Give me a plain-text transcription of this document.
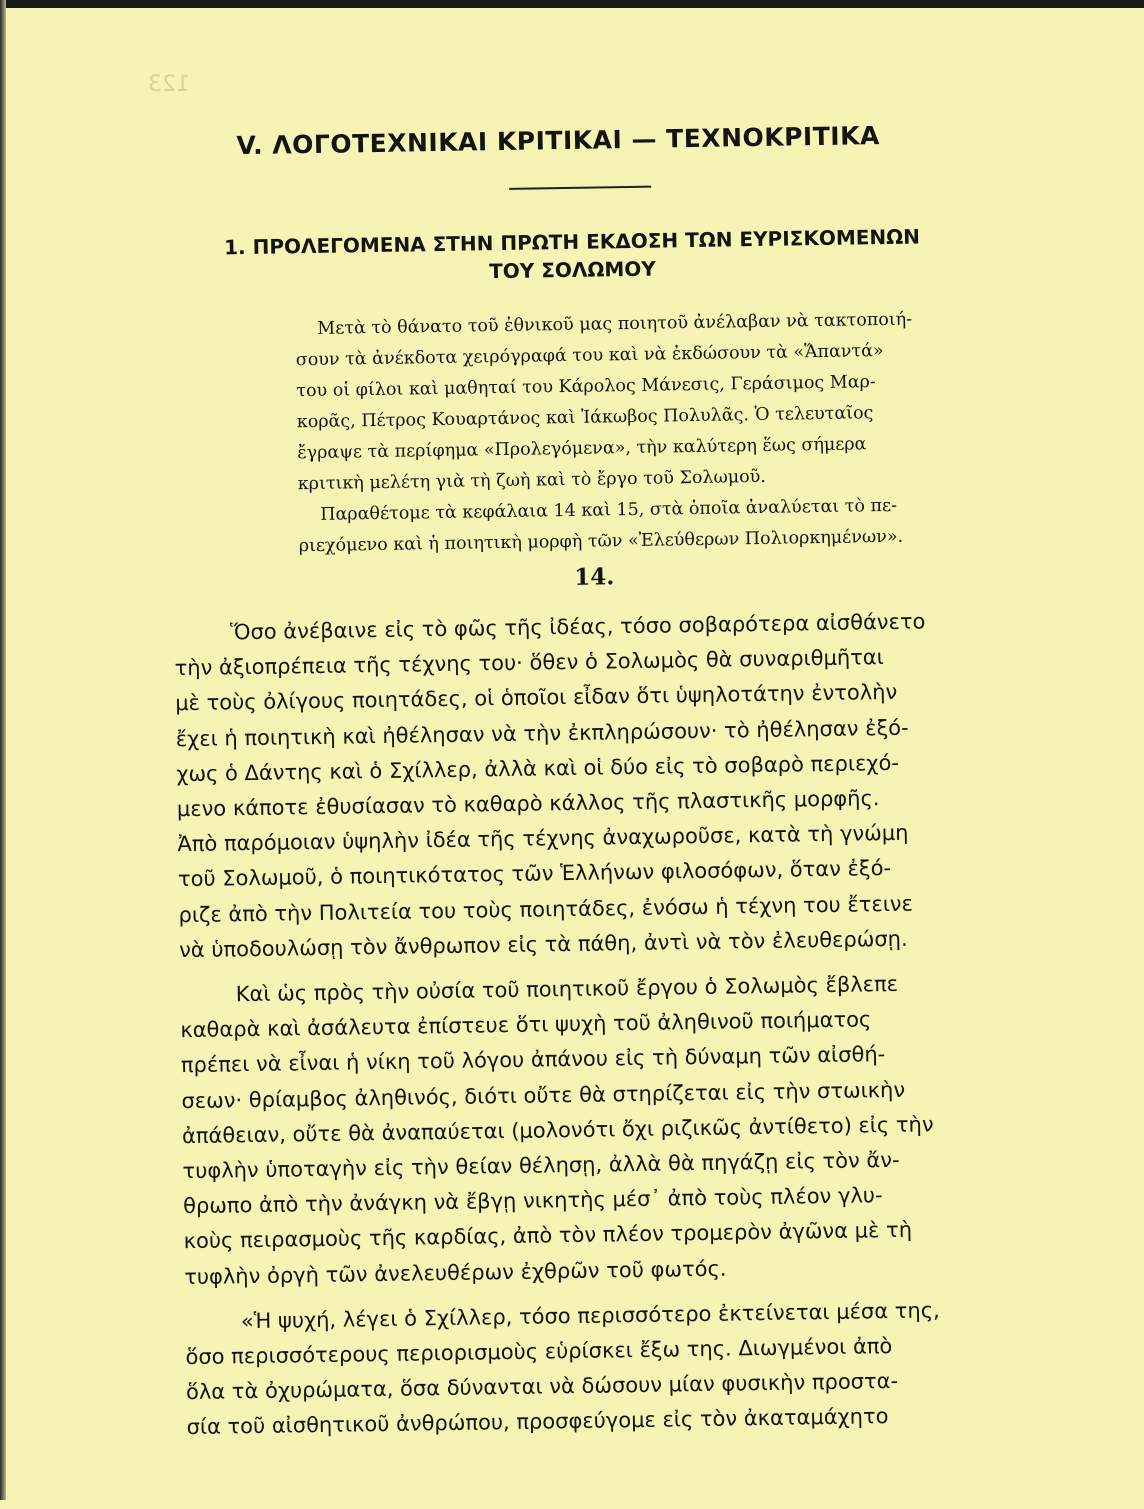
123
V. ΛΟΓΟΤΕΧΝΙΚΑΙ ΚΡΙΤΙΚΑΙ — ΤΕΧΝΟΚΡΙΤΙΚΑ
1. ΠΡΟΛΕΓΟΜΕΝΑ ΣΤΗΝ ΠΡΩΤΗ ΕΚΔΟΣΗ ΤΩΝ ΕΥΡΙΣΚΟΜΕΝΩΝ
ΤΟΥ ΣΟΛΩΜΟΥ
Μετὰ τὸ θάνατο τοῦ ἐθνικοῦ μας ποιητοῦ ἀνέλαβαν νὰ τακτοποιή-
σουν τὰ ἀνέκδοτα χειρόγραφά του καὶ νὰ ἐκδώσουν τὰ «Ἅπαντά»
του οἱ φίλοι καὶ μαθηταί του Κάρολος Μάνεσις, Γεράσιμος Μαρ-
κορᾶς, Πέτρος Κουαρτάνος καὶ Ἰάκωβος Πολυλᾶς. Ὁ τελευταῖος
ἔγραψε τὰ περίφημα «Προλεγόμενα», τὴν καλύτερη ἕως σήμερα
κριτικὴ μελέτη γιὰ τὴ ζωὴ καὶ τὸ ἔργο τοῦ Σολωμοῦ.
Παραθέτομε τὰ κεφάλαια 14 καὶ 15, στὰ ὁποῖα ἀναλύεται τὸ πε-
ριεχόμενο καὶ ἡ ποιητικὴ μορφὴ τῶν «Ἐλεύθερων Πολιορκημένων».
14.
Ὅσο ἀνέβαινε εἰς τὸ φῶς τῆς ἰδέας, τόσο σοβαρότερα αἰσθάνετο
τὴν ἀξιοπρέπεια τῆς τέχνης του· ὅθεν ὁ Σολωμὸς θὰ συναριθμῆται
μὲ τοὺς ὀλίγους ποιητάδες, οἱ ὁποῖοι εἶδαν ὅτι ὑψηλοτάτην ἐντολὴν
ἔχει ἡ ποιητικὴ καὶ ἠθέλησαν νὰ τὴν ἐκπληρώσουν· τὸ ἠθέλησαν ἐξό-
χως ὁ Δάντης καὶ ὁ Σχίλλερ, ἀλλὰ καὶ οἱ δύο εἰς τὸ σοβαρὸ περιεχό-
μενο κάποτε ἐθυσίασαν τὸ καθαρὸ κάλλος τῆς πλαστικῆς μορφῆς.
Ἀπὸ παρόμοιαν ὑψηλὴν ἰδέα τῆς τέχνης ἀναχωροῦσε, κατὰ τὴ γνώμη
τοῦ Σολωμοῦ, ὁ ποιητικότατος τῶν Ἑλλήνων φιλοσόφων, ὅταν ἐξό-
ριζε ἀπὸ τὴν Πολιτεία του τοὺς ποιητάδες, ἐνόσω ἡ τέχνη του ἔτεινε
νὰ ὑποδουλώσῃ τὸν ἄνθρωπον εἰς τὰ πάθη, ἀντὶ νὰ τὸν ἐλευθερώσῃ.
Καὶ ὡς πρὸς τὴν οὐσία τοῦ ποιητικοῦ ἔργου ὁ Σολωμὸς ἔβλεπε
καθαρὰ καὶ ἀσάλευτα ἐπίστευε ὅτι ψυχὴ τοῦ ἀληθινοῦ ποιήματος
πρέπει νὰ εἶναι ἡ νίκη τοῦ λόγου ἀπάνου εἰς τὴ δύναμη τῶν αἰσθή-
σεων· θρίαμβος ἀληθινός, διότι οὔτε θὰ στηρίζεται εἰς τὴν στωικὴν
ἀπάθειαν, οὔτε θὰ ἀναπαύεται (μολονότι ὄχι ριζικῶς ἀντίθετο) εἰς τὴν
τυφλὴν ὑποταγὴν εἰς τὴν θείαν θέλησῃ, ἀλλὰ θὰ πηγάζῃ εἰς τὸν ἄν-
θρωπο ἀπὸ τὴν ἀνάγκη νὰ ἔβγῃ νικητὴς μέσ᾽ ἀπὸ τοὺς πλέον γλυ-
κοὺς πειρασμοὺς τῆς καρδίας, ἀπὸ τὸν πλέον τρομερὸν ἀγῶνα μὲ τὴ
τυφλὴν ὀργὴ τῶν ἀνελευθέρων ἐχθρῶν τοῦ φωτός.
«Ἡ ψυχή, λέγει ὁ Σχίλλερ, τόσο περισσότερο ἐκτείνεται μέσα της,
ὅσο περισσότερους περιορισμοὺς εὑρίσκει ἔξω της. Διωγμένοι ἀπὸ
ὅλα τὰ ὀχυρώματα, ὅσα δύνανται νὰ δώσουν μίαν φυσικὴν προστα-
σία τοῦ αἰσθητικοῦ ἀνθρώπου, προσφεύγομε εἰς τὸν ἀκαταμάχητο
